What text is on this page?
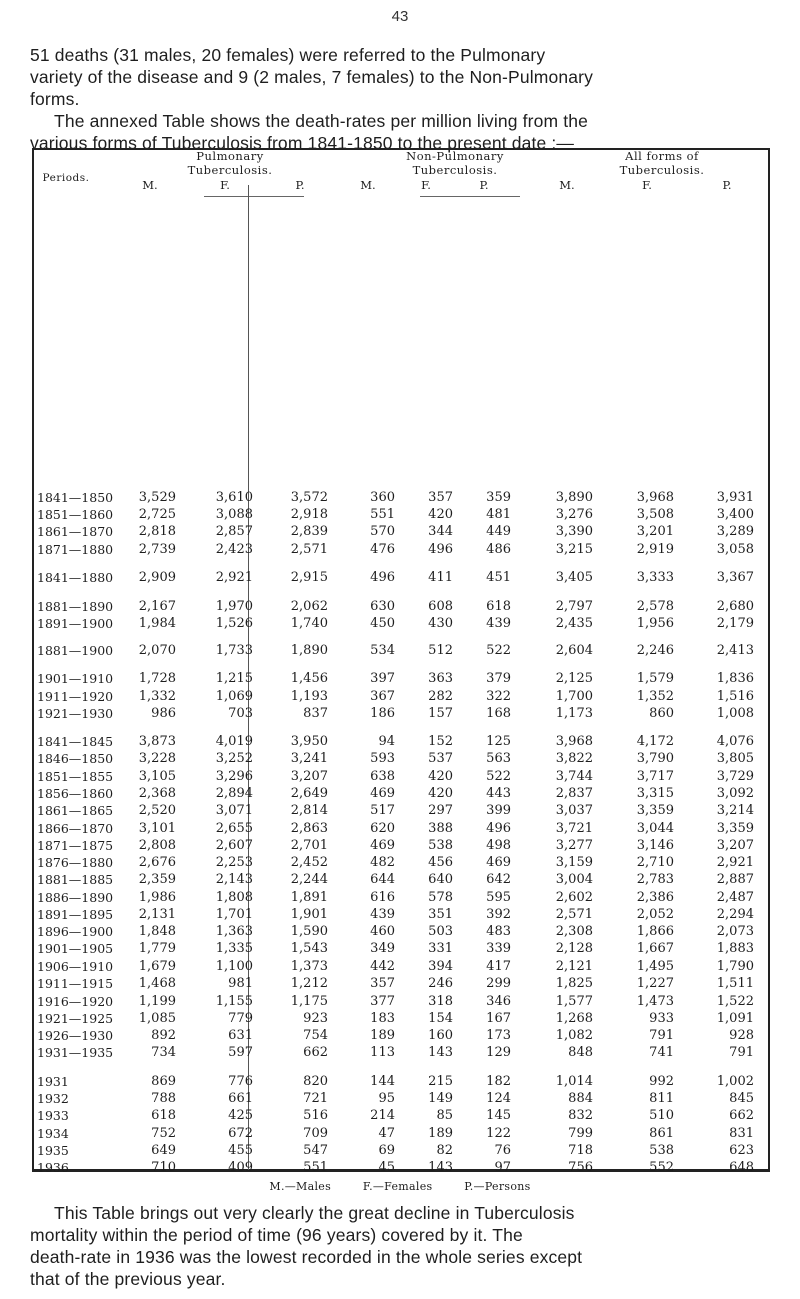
43
51 deaths (31 males, 20 females) were referred to the Pulmonary
variety of the disease and 9 (2 males, 7 females) to the Non-Pulmonary
forms.
The annexed Table shows the death-rates per million living from the
various forms of Tuberculosis from 1841-1850 to the present date :—
Periods.
Pulmonary
Tuberculosis.
Non-Pulmonary
Tuberculosis.
All forms of
Tuberculosis.
M.	F.	P.	M.	F.	P.	M.	F.	P.
1841—1850	3,529	3,610	3,572	360	357	359	3,890	3,968	3,931
1851—1860	2,725	3,088	2,918	551	420	481	3,276	3,508	3,400
1861—1870	2,818	2,857	2,839	570	344	449	3,390	3,201	3,289
1871—1880	2,739	2,423	2,571	476	496	486	3,215	2,919	3,058
1841—1880	2,909	2,921	2,915	496	411	451	3,405	3,333	3,367
1881—1890	2,167	1,970	2,062	630	608	618	2,797	2,578	2,680
1891—1900	1,984	1,526	1,740	450	430	439	2,435	1,956	2,179
1881—1900	2,070	1,733	1,890	534	512	522	2,604	2,246	2,413
1901—1910	1,728	1,215	1,456	397	363	379	2,125	1,579	1,836
1911—1920	1,332	1,069	1,193	367	282	322	1,700	1,352	1,516
1921—1930	986	703	837	186	157	168	1,173	860	1,008
1841—1845	3,873	4,019	3,950	94	152	125	3,968	4,172	4,076
1846—1850	3,228	3,252	3,241	593	537	563	3,822	3,790	3,805
1851—1855	3,105	3,296	3,207	638	420	522	3,744	3,717	3,729
1856—1860	2,368	2,894	2,649	469	420	443	2,837	3,315	3,092
1861—1865	2,520	3,071	2,814	517	297	399	3,037	3,359	3,214
1866—1870	3,101	2,655	2,863	620	388	496	3,721	3,044	3,359
1871—1875	2,808	2,607	2,701	469	538	498	3,277	3,146	3,207
1876—1880	2,676	2,253	2,452	482	456	469	3,159	2,710	2,921
1881—1885	2,359	2,143	2,244	644	640	642	3,004	2,783	2,887
1886—1890	1,986	1,808	1,891	616	578	595	2,602	2,386	2,487
1891—1895	2,131	1,701	1,901	439	351	392	2,571	2,052	2,294
1896—1900	1,848	1,363	1,590	460	503	483	2,308	1,866	2,073
1901—1905	1,779	1,335	1,543	349	331	339	2,128	1,667	1,883
1906—1910	1,679	1,100	1,373	442	394	417	2,121	1,495	1,790
1911—1915	1,468	981	1,212	357	246	299	1,825	1,227	1,511
1916—1920	1,199	1,155	1,175	377	318	346	1,577	1,473	1,522
1921—1925	1,085	779	923	183	154	167	1,268	933	1,091
1926—1930	892	631	754	189	160	173	1,082	791	928
1931—1935	734	597	662	113	143	129	848	741	791
1931	869	776	820	144	215	182	1,014	992	1,002
1932	788	661	721	95	149	124	884	811	845
1933	618	425	516	214	85	145	832	510	662
1934	752	672	709	47	189	122	799	861	831
1935	649	455	547	69	82	76	718	538	623
1936	710	409	551	45	143	97	756	552	648
M.—Males	F.—Females	P.—Persons
This Table brings out very clearly the great decline in Tuberculosis
mortality within the period of time (96 years) covered by it. The
death-rate in 1936 was the lowest recorded in the whole series except
that of the previous year.
